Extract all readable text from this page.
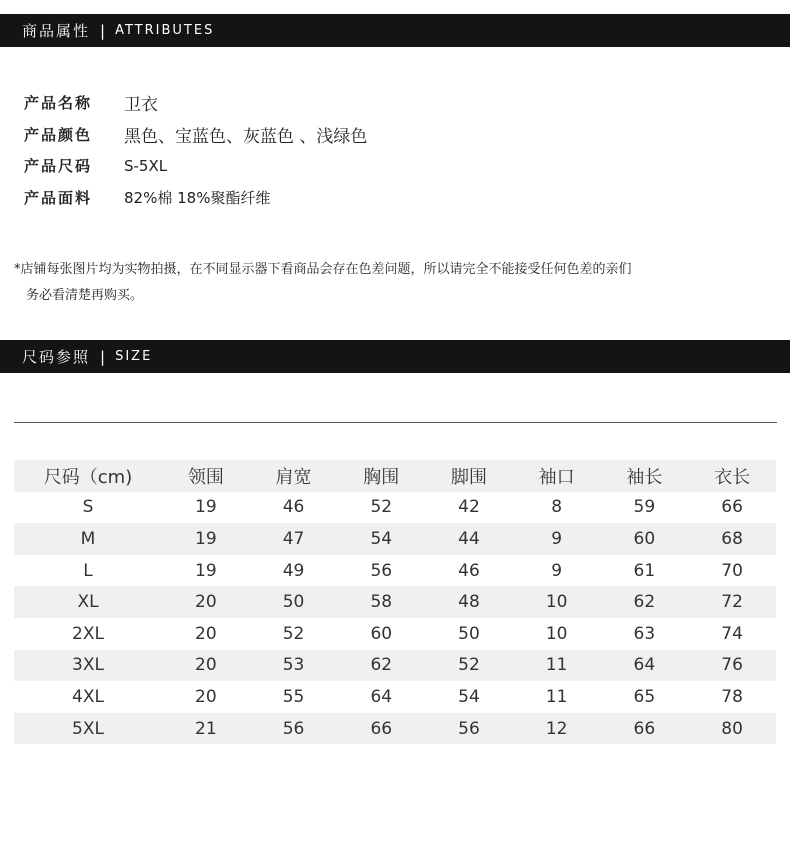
商品属性 | ATTRIBUTES
产品名称	卫衣
产品颜色	黑色、宝蓝色、灰蓝色 、浅绿色
产品尺码	S-5XL
产品面料	82%棉 18%聚酯纤维
*店铺每张图片均为实物拍摄，在不同显示器下看商品会存在色差问题，所以请完全不能接受任何色差的亲们
务必看清楚再购买。
尺码参照 | SIZE
尺码（cm)	领围	肩宽	胸围	脚围	袖口	袖长	衣长
S	19	46	52	42	8	59	66
M	19	47	54	44	9	60	68
L	19	49	56	46	9	61	70
XL	20	50	58	48	10	62	72
2XL	20	52	60	50	10	63	74
3XL	20	53	62	52	11	64	76
4XL	20	55	64	54	11	65	78
5XL	21	56	66	56	12	66	80
